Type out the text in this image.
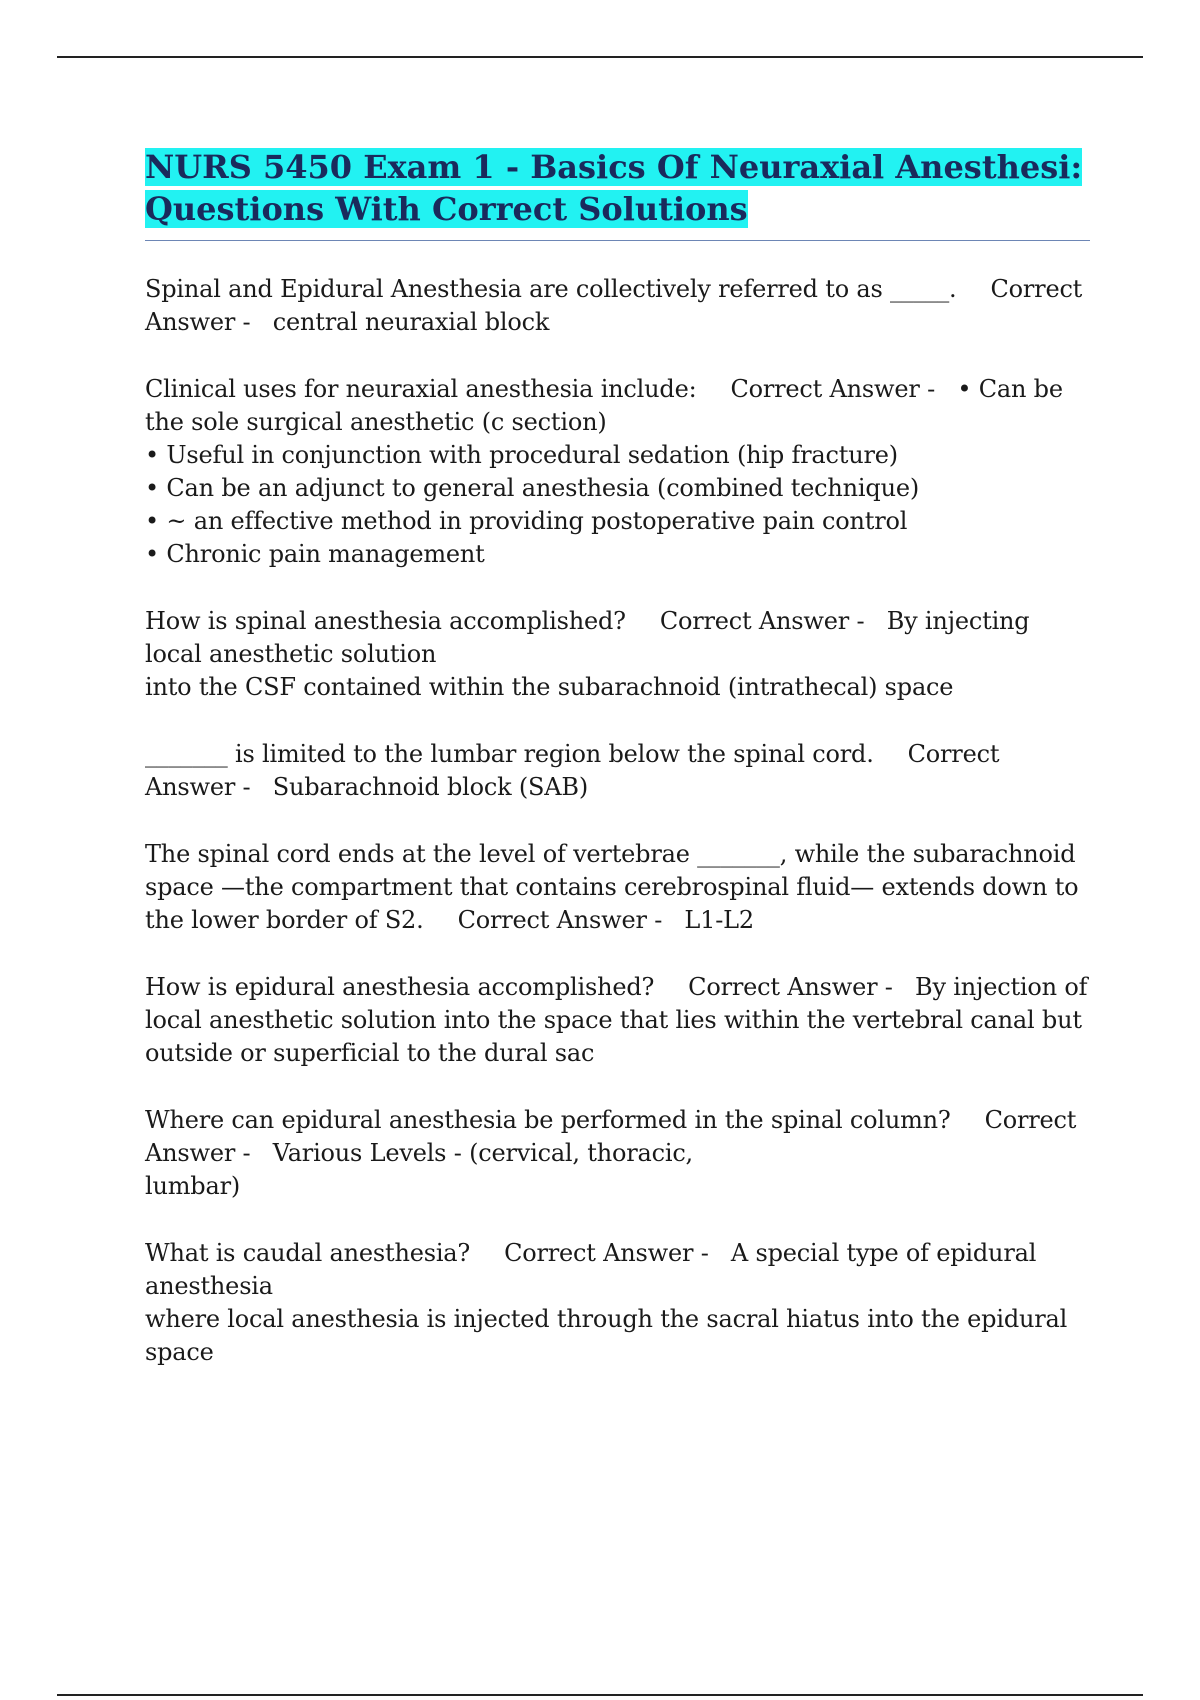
NURS 5450 Exam 1 - Basics Of Neuraxial Anesthesi:
Questions With Correct Solutions

Spinal and Epidural Anesthesia are collectively referred to as _____. Correct Answer - central neuraxial block

Clinical uses for neuraxial anesthesia include: Correct Answer - • Can be the sole surgical anesthetic (c section)
• Useful in conjunction with procedural sedation (hip fracture)
• Can be an adjunct to general anesthesia (combined technique)
• ~ an effective method in providing postoperative pain control
• Chronic pain management

How is spinal anesthesia accomplished? Correct Answer - By injecting local anesthetic solution
into the CSF contained within the subarachnoid (intrathecal) space

_______ is limited to the lumbar region below the spinal cord. Correct Answer - Subarachnoid block (SAB)

The spinal cord ends at the level of vertebrae _______, while the subarachnoid space —the compartment that contains cerebrospinal fluid— extends down to the lower border of S2. Correct Answer - L1-L2

How is epidural anesthesia accomplished? Correct Answer - By injection of local anesthetic solution into the space that lies within the vertebral canal but outside or superficial to the dural sac

Where can epidural anesthesia be performed in the spinal column? Correct Answer - Various Levels - (cervical, thoracic,
lumbar)

What is caudal anesthesia? Correct Answer - A special type of epidural anesthesia
where local anesthesia is injected through the sacral hiatus into the epidural space
